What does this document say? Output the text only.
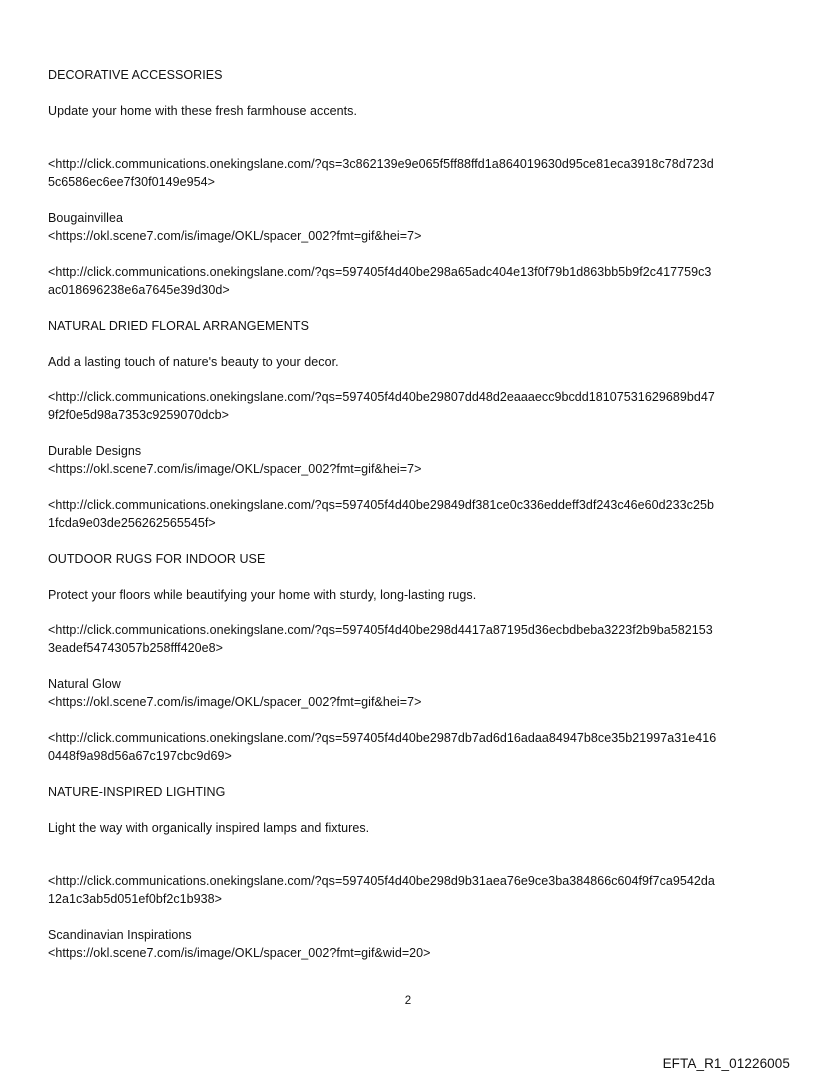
DECORATIVE ACCESSORIES
Update your home with these fresh farmhouse accents.
<http://click.communications.onekingslane.com/?qs=3c862139e9e065f5ff88ffd1a864019630d95ce81eca3918c78d723d
5c6586ec6ee7f30f0149e954>
Bougainvillea
<https://okl.scene7.com/is/image/OKL/spacer_002?fmt=gif&hei=7>
<http://click.communications.onekingslane.com/?qs=597405f4d40be298a65adc404e13f0f79b1d863bb5b9f2c417759c3
ac018696238e6a7645e39d30d>
NATURAL DRIED FLORAL ARRANGEMENTS
Add a lasting touch of nature's beauty to your decor.
<http://click.communications.onekingslane.com/?qs=597405f4d40be29807dd48d2eaaaecc9bcdd18107531629689bd47
9f2f0e5d98a7353c9259070dcb>
Durable Designs
<https://okl.scene7.com/is/image/OKL/spacer_002?fmt=gif&hei=7>
<http://click.communications.onekingslane.com/?qs=597405f4d40be29849df381ce0c336eddeff3df243c46e60d233c25b
1fcda9e03de256262565545f>
OUTDOOR RUGS FOR INDOOR USE
Protect your floors while beautifying your home with sturdy, long-lasting rugs.
<http://click.communications.onekingslane.com/?qs=597405f4d40be298d4417a87195d36ecbdbeba3223f2b9ba582153
3eadef54743057b258fff420e8>
Natural Glow
<https://okl.scene7.com/is/image/OKL/spacer_002?fmt=gif&hei=7>
<http://click.communications.onekingslane.com/?qs=597405f4d40be2987db7ad6d16adaa84947b8ce35b21997a31e416
0448f9a98d56a67c197cbc9d69>
NATURE-INSPIRED LIGHTING
Light the way with organically inspired lamps and fixtures.
<http://click.communications.onekingslane.com/?qs=597405f4d40be298d9b31aea76e9ce3ba384866c604f9f7ca9542da
12a1c3ab5d051ef0bf2c1b938>
Scandinavian Inspirations
<https://okl.scene7.com/is/image/OKL/spacer_002?fmt=gif&wid=20>
2
EFTA_R1_01226005
